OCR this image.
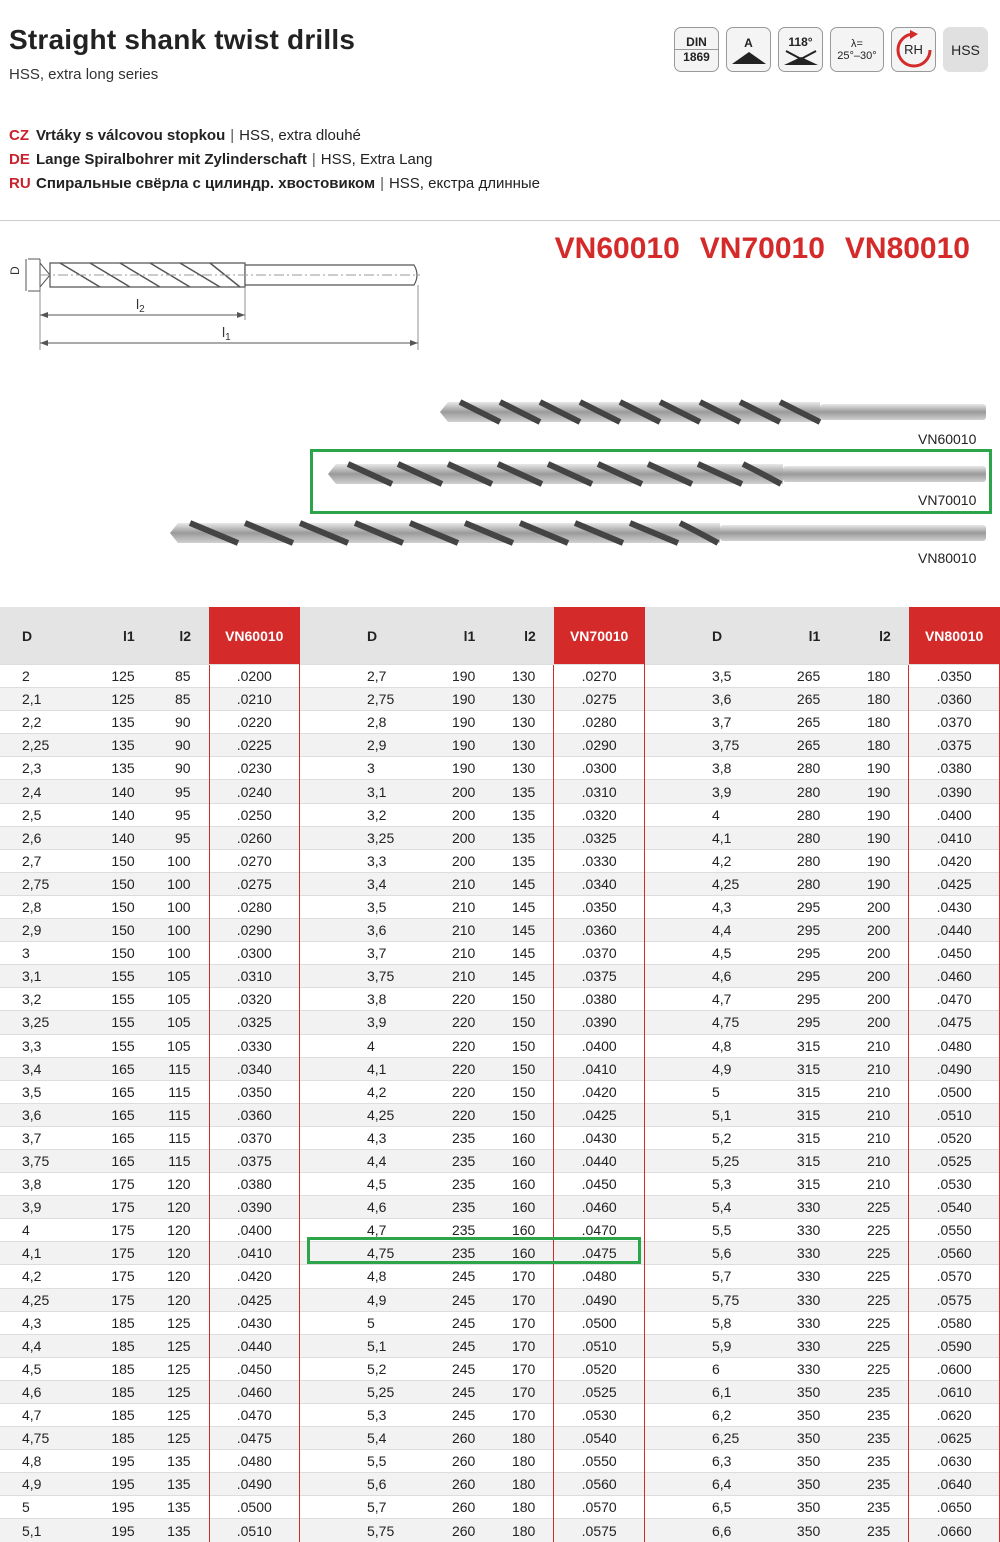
Straight shank twist drills
HSS, extra long series
DIN
1869
A	118°	λ=
25°–30° RH HSS
CZ Vrtáky s válcovou stopkou | HSS, extra dlouhé
DE Lange Spiralbohrer mit Zylinderschaft | HSS, Extra Lang
RU Спиральные свёрла с цилиндр. хвостовиком | HSS, екстра длинные
VN60010 VN70010 VN80010
D
$l_2$
$l_1$
VN60010
VN70010
VN80010
D	l1	l2	VN60010
2	125	85	.0200
2,1	125	85	.0210
2,2	135	90	.0220
2,25	135	90	.0225
2,3	135	90	.0230
2,4	140	95	.0240
2,5	140	95	.0250
2,6	140	95	.0260
2,7	150	100	.0270
2,75	150	100	.0275
2,8	150	100	.0280
2,9	150	100	.0290
3	150	100	.0300
3,1	155	105	.0310
3,2	155	105	.0320
3,25	155	105	.0325
3,3	155	105	.0330
3,4	165	115	.0340
3,5	165	115	.0350
3,6	165	115	.0360
3,7	165	115	.0370
3,75	165	115	.0375
3,8	175	120	.0380
3,9	175	120	.0390
4	175	120	.0400
4,1	175	120	.0410
4,2	175	120	.0420
4,25	175	120	.0425
4,3	185	125	.0430
4,4	185	125	.0440
4,5	185	125	.0450
4,6	185	125	.0460
4,7	185	125	.0470
4,75	185	125	.0475
4,8	195	135	.0480
4,9	195	135	.0490
5	195	135	.0500
5,1	195	135	.0510
D	l1	l2	VN70010
2,7	190	130	.0270
2,75	190	130	.0275
2,8	190	130	.0280
2,9	190	130	.0290
3	190	130	.0300
3,1	200	135	.0310
3,2	200	135	.0320
3,25	200	135	.0325
3,3	200	135	.0330
3,4	210	145	.0340
3,5	210	145	.0350
3,6	210	145	.0360
3,7	210	145	.0370
3,75	210	145	.0375
3,8	220	150	.0380
3,9	220	150	.0390
4	220	150	.0400
4,1	220	150	.0410
4,2	220	150	.0420
4,25	220	150	.0425
4,3	235	160	.0430
4,4	235	160	.0440
4,5	235	160	.0450
4,6	235	160	.0460
4,7	235	160	.0470
4,75	235	160	.0475
4,8	245	170	.0480
4,9	245	170	.0490
5	245	170	.0500
5,1	245	170	.0510
5,2	245	170	.0520
5,25	245	170	.0525
5,3	245	170	.0530
5,4	260	180	.0540
5,5	260	180	.0550
5,6	260	180	.0560
5,7	260	180	.0570
5,75	260	180	.0575
D	l1	l2	VN80010
3,5	265	180	.0350
3,6	265	180	.0360
3,7	265	180	.0370
3,75	265	180	.0375
3,8	280	190	.0380
3,9	280	190	.0390
4	280	190	.0400
4,1	280	190	.0410
4,2	280	190	.0420
4,25	280	190	.0425
4,3	295	200	.0430
4,4	295	200	.0440
4,5	295	200	.0450
4,6	295	200	.0460
4,7	295	200	.0470
4,75	295	200	.0475
4,8	315	210	.0480
4,9	315	210	.0490
5	315	210	.0500
5,1	315	210	.0510
5,2	315	210	.0520
5,25	315	210	.0525
5,3	315	210	.0530
5,4	330	225	.0540
5,5	330	225	.0550
5,6	330	225	.0560
5,7	330	225	.0570
5,75	330	225	.0575
5,8	330	225	.0580
5,9	330	225	.0590
6	330	225	.0600
6,1	350	235	.0610
6,2	350	235	.0620
6,25	350	235	.0625
6,3	350	235	.0630
6,4	350	235	.0640
6,5	350	235	.0650
6,6	350	235	.0660
